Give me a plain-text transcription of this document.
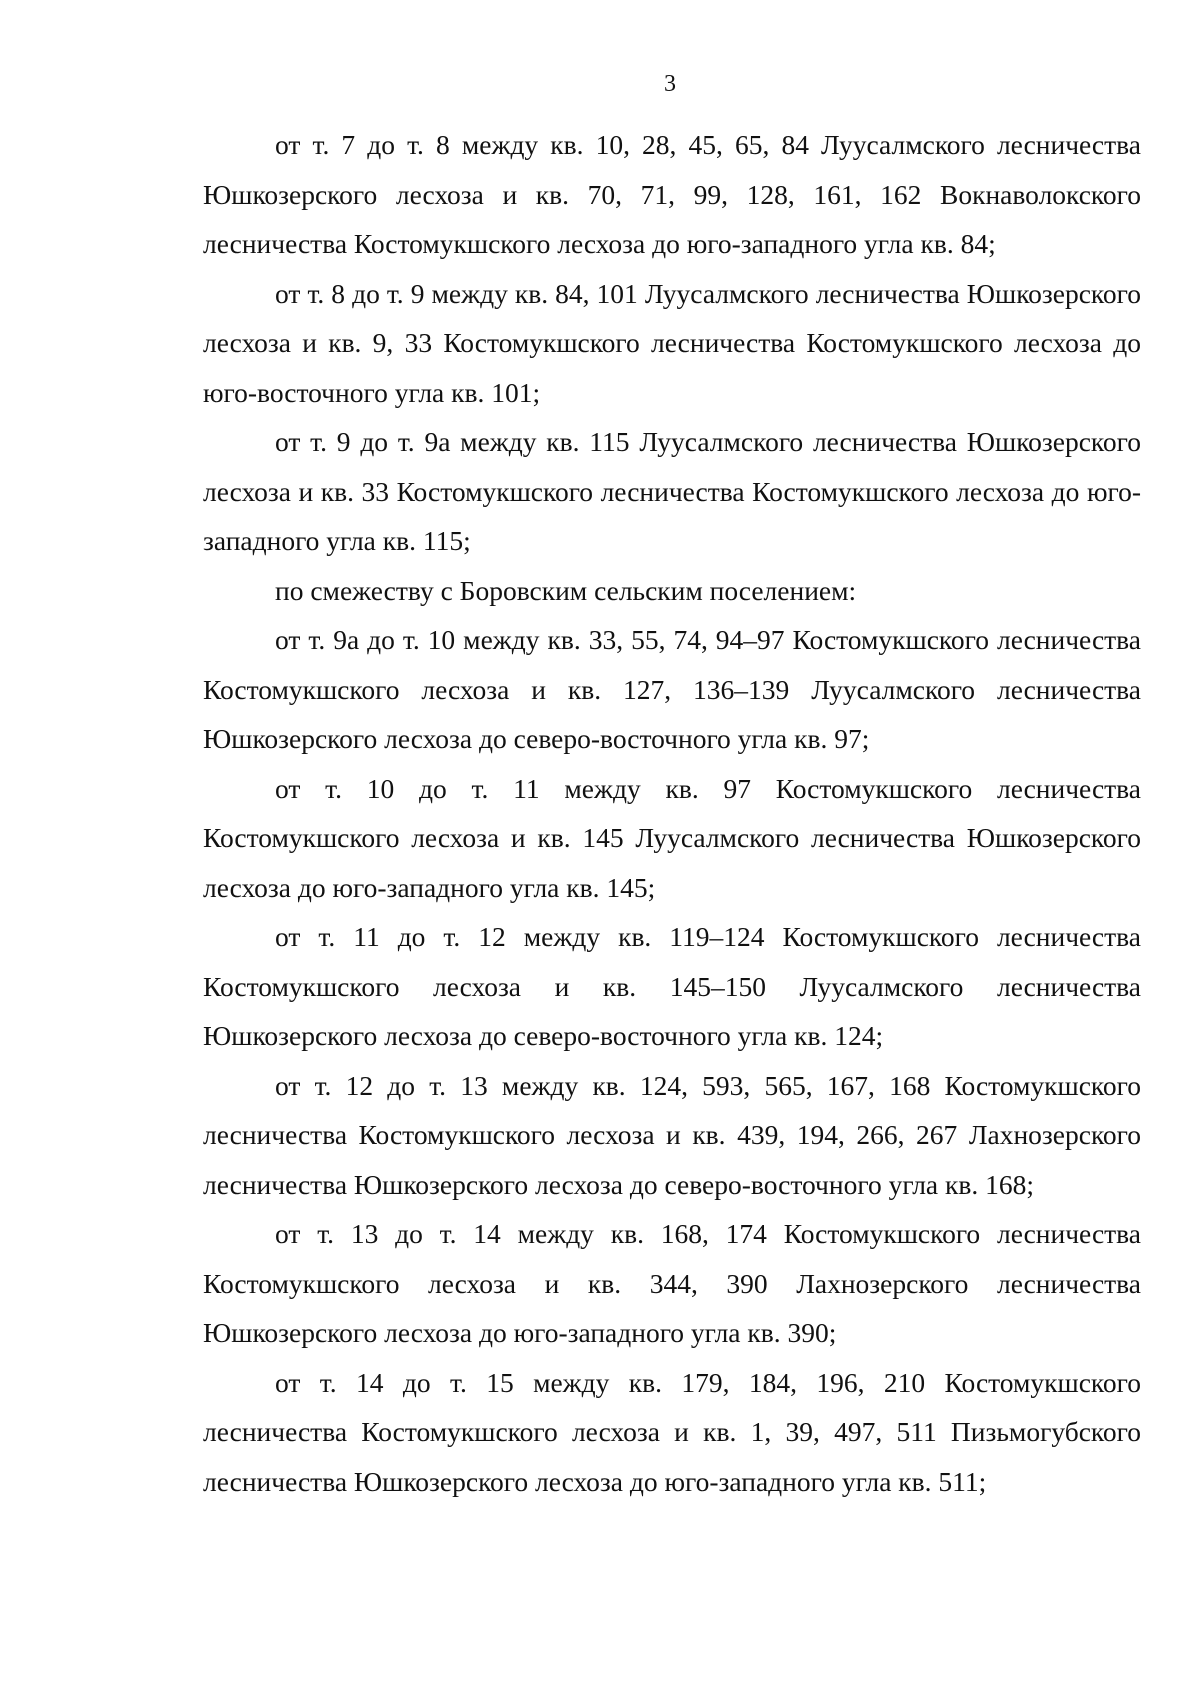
3

от т. 7 до т. 8 между кв. 10, 28, 45, 65, 84 Луусалмского лесничества Юшкозерского лесхоза и кв. 70, 71, 99, 128, 161, 162 Вокнаволокского лесничества Костомукшского лесхоза до юго-западного угла кв. 84;

от т. 8 до т. 9 между кв. 84, 101 Луусалмского лесничества Юшкозерского лесхоза и кв. 9, 33 Костомукшского лесничества Костомукшского лесхоза до юго-восточного угла кв. 101;

от т. 9 до т. 9а между кв. 115 Луусалмского лесничества Юшкозерского лесхоза и кв. 33 Костомукшского лесничества Костомукшского лесхоза до юго-западного угла кв. 115;

по смежеству с Боровским сельским поселением:

от т. 9а до т. 10 между кв. 33, 55, 74, 94–97 Костомукшского лесничества Костомукшского лесхоза и кв. 127, 136–139 Луусалмского лесничества Юшкозерского лесхоза до северо-восточного угла кв. 97;

от т. 10 до т. 11 между кв. 97 Костомукшского лесничества Костомукшского лесхоза и кв. 145 Луусалмского лесничества Юшкозерского лесхоза до юго-западного угла кв. 145;

от т. 11 до т. 12 между кв. 119–124 Костомукшского лесничества Костомукшского лесхоза и кв. 145–150 Луусалмского лесничества Юшкозерского лесхоза до северо-восточного угла кв. 124;

от т. 12 до т. 13 между кв. 124, 593, 565, 167, 168 Костомукшского лесничества Костомукшского лесхоза и кв. 439, 194, 266, 267 Лахнозерского лесничества Юшкозерского лесхоза до северо-восточного угла кв. 168;

от т. 13 до т. 14 между кв. 168, 174 Костомукшского лесничества Костомукшского лесхоза и кв. 344, 390 Лахнозерского лесничества Юшкозерского лесхоза до юго-западного угла кв. 390;

от т. 14 до т. 15 между кв. 179, 184, 196, 210 Костомукшского лесничества Костомукшского лесхоза и кв. 1, 39, 497, 511 Пизьмогубского лесничества Юшкозерского лесхоза до юго-западного угла кв. 511;
